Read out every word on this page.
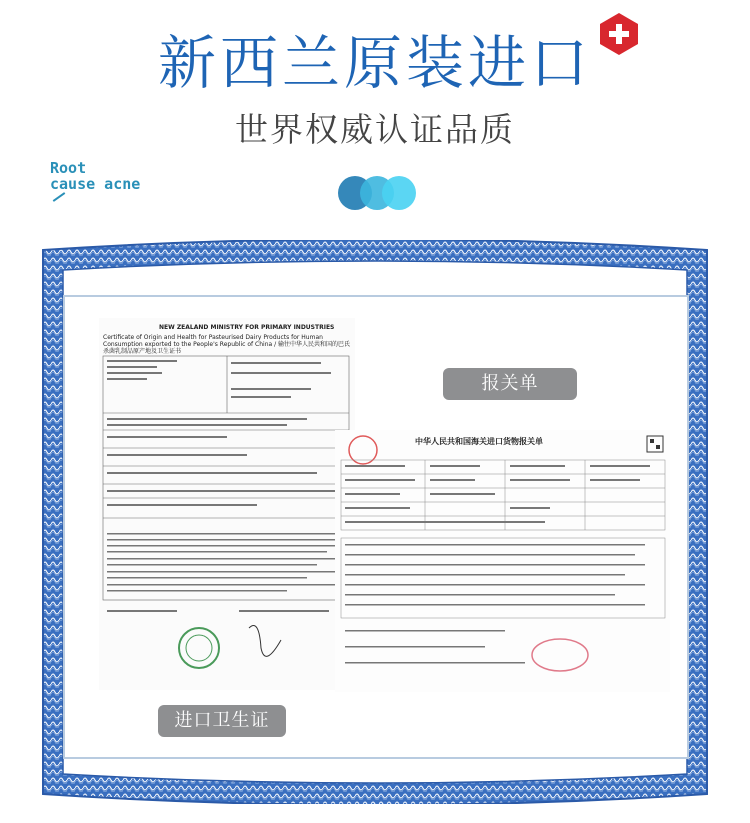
新西兰原装进口
世界权威认证品质
Root
cause acne
NEW ZEALAND MINISTRY FOR PRIMARY INDUSTRIES
Certificate of Origin and Health for Pasteurised Dairy Products for Human Consumption exported to the People's Republic of China / 输往中华人民共和国的巴氏杀菌乳制品原产地及卫生证书
中华人民共和国海关进口货物报关单
报关单
进口卫生证
